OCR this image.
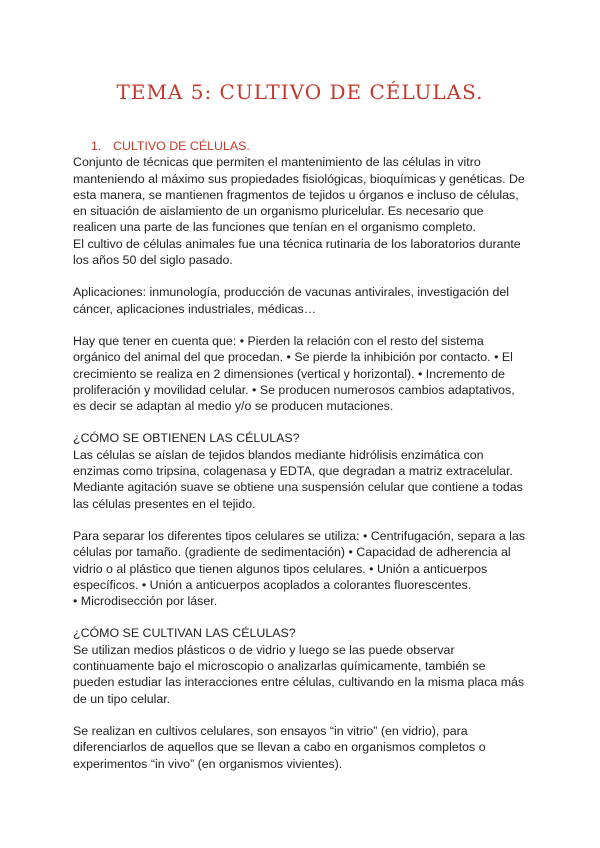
TEMA 5: CULTIVO DE CÉLULAS.
1. CULTIVO DE CÉLULAS.

Conjunto de técnicas que permiten el mantenimiento de las células in vitro manteniendo al máximo sus propiedades fisiológicas, bioquímicas y genéticas. De esta manera, se mantienen fragmentos de tejidos u órganos e incluso de células, en situación de aislamiento de un organismo pluricelular. Es necesario que realicen una parte de las funciones que tenían en el organismo completo.

El cultivo de células animales fue una técnica rutinaria de los laboratorios durante los años 50 del siglo pasado.

Aplicaciones: inmunología, producción de vacunas antivirales, investigación del cáncer, aplicaciones industriales, médicas…

Hay que tener en cuenta que: • Pierden la relación con el resto del sistema orgánico del animal del que procedan. • Se pierde la inhibición por contacto. • El crecimiento se realiza en 2 dimensiones (vertical y horizontal). • Incremento de proliferación y movilidad celular. • Se producen numerosos cambios adaptativos, es decir se adaptan al medio y/o se producen mutaciones.

¿CÓMO SE OBTIENEN LAS CÉLULAS?

Las células se aíslan de tejidos blandos mediante hidrólisis enzimática con enzimas como tripsina, colagenasa y EDTA, que degradan a matriz extracelular. Mediante agitación suave se obtiene una suspensión celular que contiene a todas las células presentes en el tejido.

Para separar los diferentes tipos celulares se utiliza: • Centrifugación, separa a las células por tamaño. (gradiente de sedimentación) • Capacidad de adherencia al vidrio o al plástico que tienen algunos tipos celulares. • Unión a anticuerpos específicos. • Unión a anticuerpos acoplados a colorantes fluorescentes.

• Microdisección por láser.

¿CÓMO SE CULTIVAN LAS CÉLULAS?

Se utilizan medios plásticos o de vidrio y luego se las puede observar continuamente bajo el microscopio o analizarlas químicamente, también se pueden estudiar las interacciones entre células, cultivando en la misma placa más de un tipo celular.

Se realizan en cultivos celulares, son ensayos “in vitrio” (en vidrio), para diferenciarlos de aquellos que se llevan a cabo en organismos completos o experimentos “in vivo” (en organismos vivientes).
